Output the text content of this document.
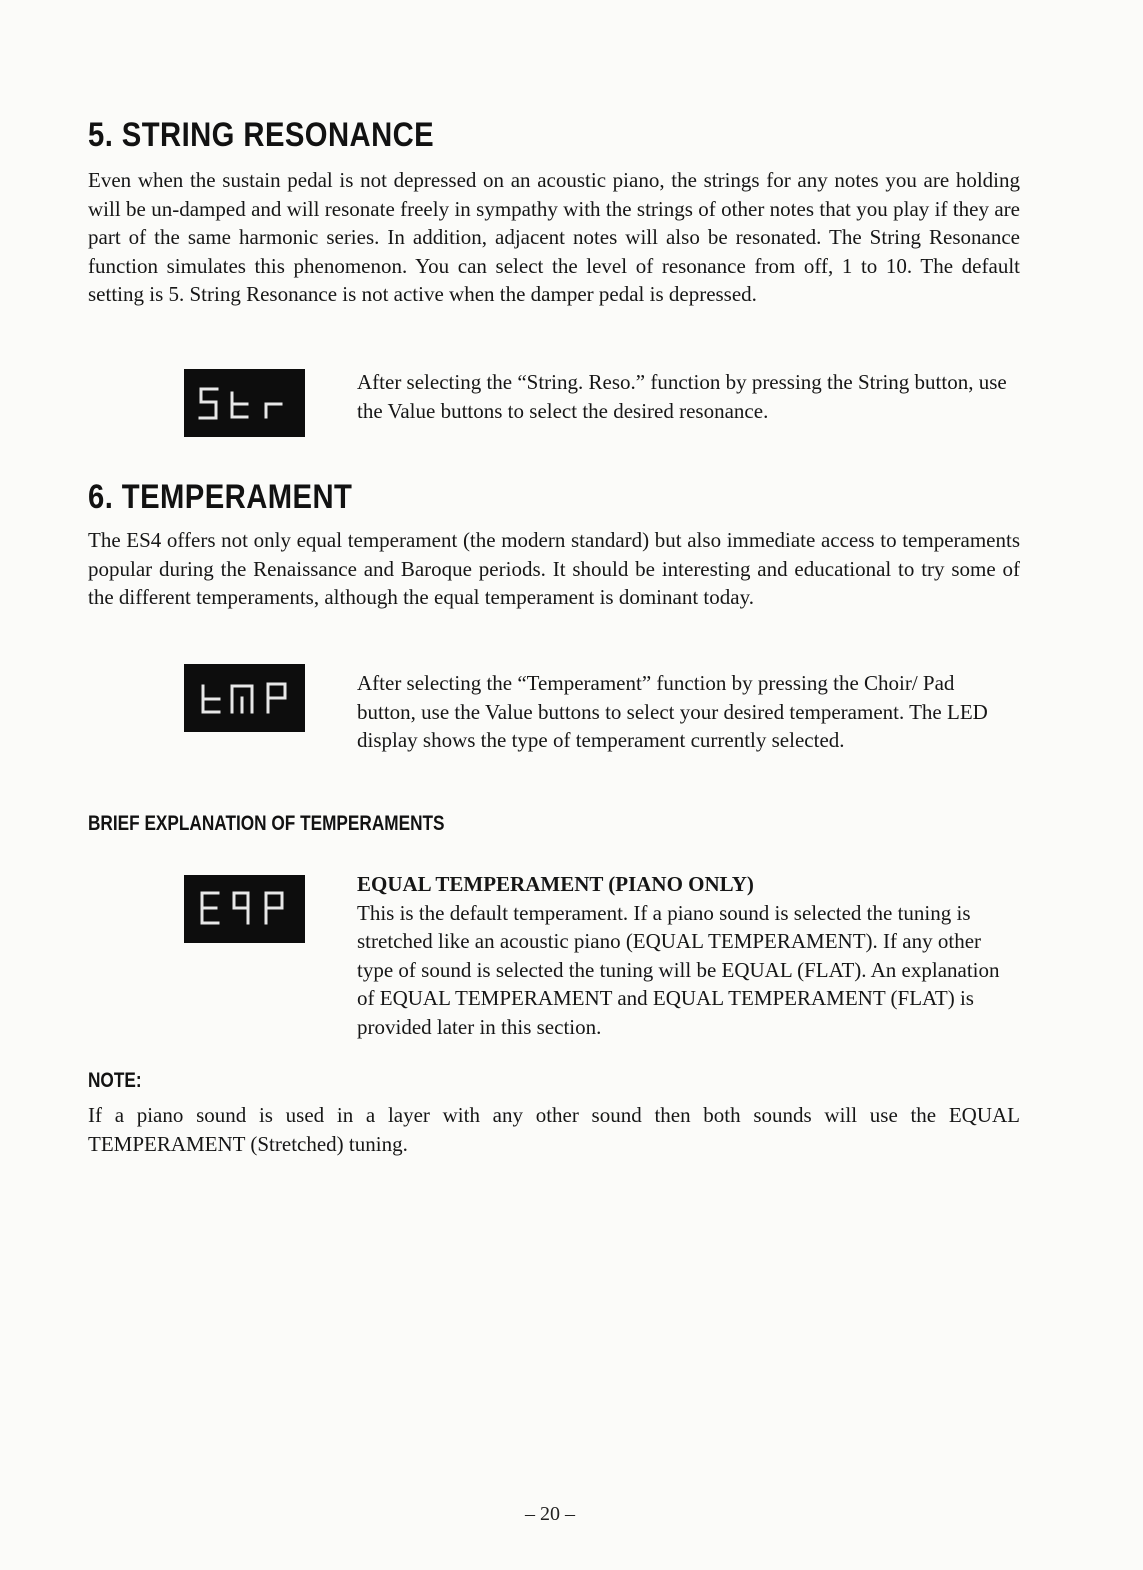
5. STRING RESONANCE

Even when the sustain pedal is not depressed on an acoustic piano, the strings for any notes you are holding will be un-damped and will resonate freely in sympathy with the strings of other notes that you play if they are part of the same harmonic series. In addition, adjacent notes will also be resonated. The String Resonance function simulates this phenomenon. You can select the level of resonance from off, 1 to 10. The default setting is 5. String Resonance is not active when the damper pedal is depressed.

After selecting the “String. Reso.” function by pressing the String button, use the Value buttons to select the desired resonance.

6. TEMPERAMENT

The ES4 offers not only equal temperament (the modern standard) but also immediate access to temperaments popular during the Renaissance and Baroque periods. It should be interesting and educational to try some of the different temperaments, although the equal temperament is dominant today.

After selecting the “Temperament” function by pressing the Choir/ Pad button, use the Value buttons to select your desired temperament. The LED display shows the type of temperament currently selected.

BRIEF EXPLANATION OF TEMPERAMENTS

EQUAL TEMPERAMENT (PIANO ONLY)

This is the default temperament. If a piano sound is selected the tuning is stretched like an acoustic piano (EQUAL TEMPERAMENT). If any other type of sound is selected the tuning will be EQUAL (FLAT). An explanation of EQUAL TEMPERAMENT and EQUAL TEMPERAMENT (FLAT) is provided later in this section.

NOTE:

If a piano sound is used in a layer with any other sound then both sounds will use the EQUAL TEMPERAMENT (Stretched) tuning.

– 20 –
